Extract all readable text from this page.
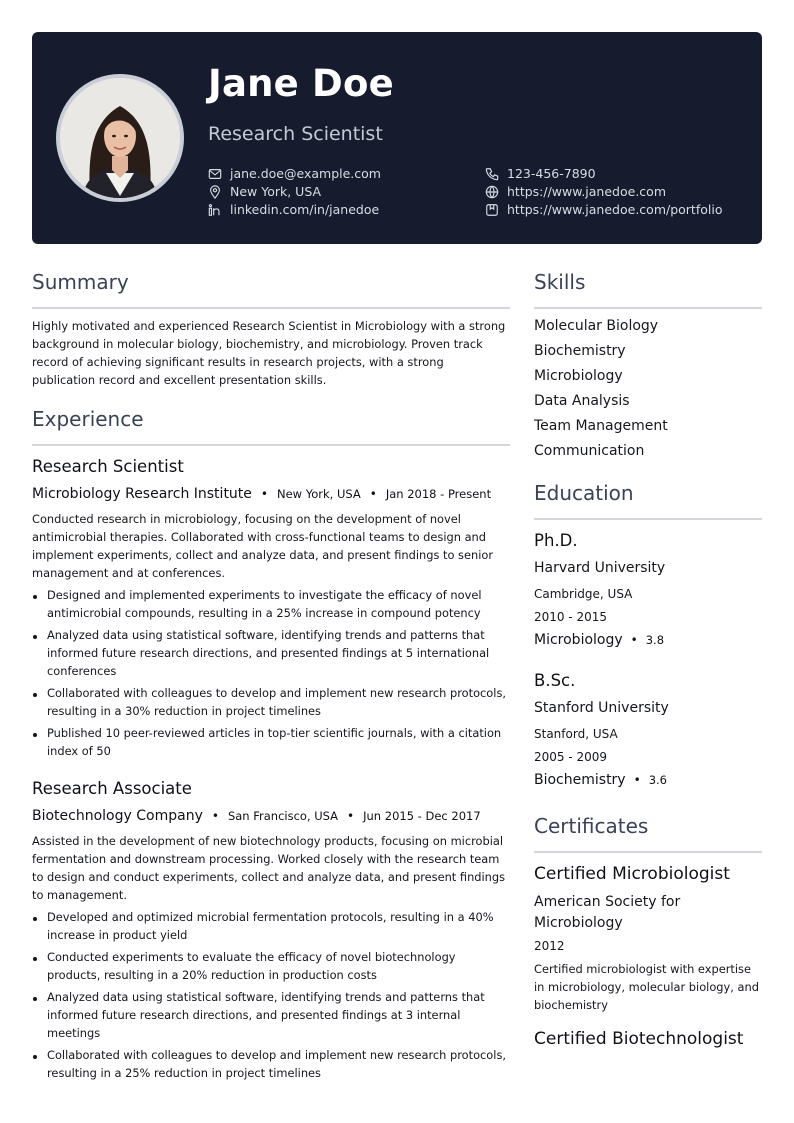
Jane Doe
Research Scientist
jane.doe@example.com
New York, USA
linkedin.com/in/janedoe
123-456-7890
https://www.janedoe.com
https://www.janedoe.com/portfolio
Summary
Highly motivated and experienced Research Scientist in Microbiology with a strong background in molecular biology, biochemistry, and microbiology. Proven track record of achieving significant results in research projects, with a strong publication record and excellent presentation skills.
Experience
Research Scientist
Microbiology Research Institute • New York, USA • Jan 2018 - Present
Conducted research in microbiology, focusing on the development of novel antimicrobial therapies. Collaborated with cross-functional teams to design and implement experiments, collect and analyze data, and present findings to senior management and at conferences.
Designed and implemented experiments to investigate the efficacy of novel antimicrobial compounds, resulting in a 25% increase in compound potency
Analyzed data using statistical software, identifying trends and patterns that informed future research directions, and presented findings at 5 international conferences
Collaborated with colleagues to develop and implement new research protocols, resulting in a 30% reduction in project timelines
Published 10 peer-reviewed articles in top-tier scientific journals, with a citation index of 50
Research Associate
Biotechnology Company • San Francisco, USA • Jun 2015 - Dec 2017
Assisted in the development of new biotechnology products, focusing on microbial fermentation and downstream processing. Worked closely with the research team to design and conduct experiments, collect and analyze data, and present findings to management.
Developed and optimized microbial fermentation protocols, resulting in a 40% increase in product yield
Conducted experiments to evaluate the efficacy of novel biotechnology products, resulting in a 20% reduction in production costs
Analyzed data using statistical software, identifying trends and patterns that informed future research directions, and presented findings at 3 internal meetings
Collaborated with colleagues to develop and implement new research protocols, resulting in a 25% reduction in project timelines
Skills
Molecular Biology
Biochemistry
Microbiology
Data Analysis
Team Management
Communication
Education
Ph.D.
Harvard University
Cambridge, USA
2010 - 2015
Microbiology • 3.8
B.Sc.
Stanford University
Stanford, USA
2005 - 2009
Biochemistry • 3.6
Certificates
Certified Microbiologist
American Society for Microbiology
2012
Certified microbiologist with expertise in microbiology, molecular biology, and biochemistry
Certified Biotechnologist
